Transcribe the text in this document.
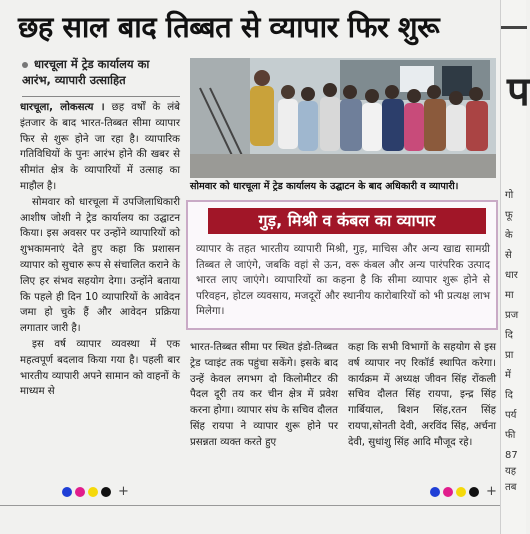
छह साल बाद तिब्बत से व्यापार फिर शुरू
धारचूला में ट्रेड कार्यालय का आरंभ, व्यापारी उत्साहित

धारचूला, लोकसत्य । छह वर्षों के लंबे इंतजार के बाद भारत-तिब्बत सीमा व्यापार फिर से शुरू होने जा रहा है। व्यापारिक गतिविधियों के पुनः आरंभ होने की खबर से सीमांत क्षेत्र के व्यापारियों में उत्साह का माहौल है।

सोमवार को धारचूला में उपजिलाधिकारी आशीष जोशी ने ट्रेड कार्यालय का उद्घाटन किया। इस अवसर पर उन्होंने व्यापारियों को शुभकामनाएं देते हुए कहा कि प्रशासन व्यापार को सुचारु रूप से संचालित कराने के लिए हर संभव सहयोग देगा। उन्होंने बताया कि पहले ही दिन 10 व्यापारियों के आवेदन जमा हो चुके हैं और आवेदन प्रक्रिया लगातार जारी है।

इस वर्ष व्यापार व्यवस्था में एक महत्वपूर्ण बदलाव किया गया है। पहली बार भारतीय व्यापारी अपने सामान को वाहनों के माध्यम से

सोमवार को धारचूला में ट्रेड कार्यालय के उद्घाटन के बाद अधिकारी व व्यापारी।
गुड़, मिश्री व कंबल का व्यापार
व्यापार के तहत भारतीय व्यापारी मिश्री, गुड़, माचिस और अन्य खाद्य सामग्री तिब्बत ले जाएंगे, जबकि वहां से ऊन, वरू कंबल और अन्य पारंपरिक उत्पाद भारत लाए जाएंगे। व्यापारियों का कहना है कि सीमा व्यापार शुरू होने से परिवहन, होटल व्यवसाय, मजदूरों और स्थानीय कारोबारियों को भी प्रत्यक्ष लाभ मिलेगा।
भारत-तिब्बत सीमा पर स्थित इंडो-तिब्बत ट्रेड प्वाइंट तक पहुंचा सकेंगे। इसके बाद उन्हें केवल लगभग दो किलोमीटर की पैदल दूरी तय कर चीन क्षेत्र में प्रवेश करना होगा। व्यापार संघ के सचिव दौलत सिंह रायपा ने व्यापार शुरू होने पर प्रसन्नता व्यक्त करते हुए
कहा कि सभी विभागों के सहयोग से इस वर्ष व्यापार नए रिकॉर्ड स्थापित करेगा। कार्यक्रम में अध्यक्ष जीवन सिंह रोंकली सचिव दौलत सिंह रायपा, इन्द्र सिंह गार्बियाल, बिशन सिंह,रतन सिंह रायपा,सोनती देवी, अरविंद सिंह, अर्चना देवी, सुधांशु सिंह आदि मौजूद रहे।
+	+
प
गो
फू
के
से
धार
मा
प्रज
दि
प्रा
में
दि
पर्य
फी
87
यह
तब
